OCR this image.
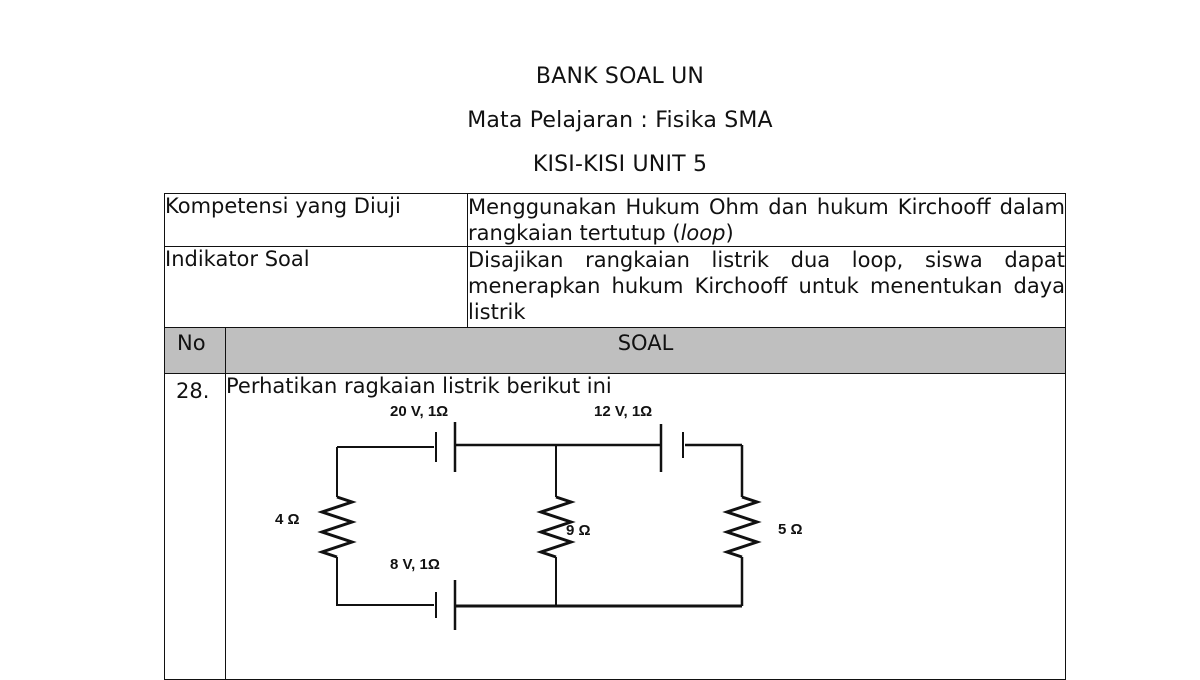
BANK SOAL UN
Mata Pelajaran : Fisika SMA
KISI-KISI UNIT 5
Kompetensi yang Diuji		Menggunakan Hukum Ohm dan hukum Kirchooff dalam rangkaian tertutup (loop)
Indikator Soal		Disajikan rangkaian listrik dua loop, siswa dapat menerapkan hukum Kirchooff untuk menentukan daya listrik
No	SOAL	
28.	Perhatikan ragkaian listrik berikut ini	
20 V, 1Ω	12 V, 1Ω
8 V, 1Ω
4 Ω
9 Ω	5 Ω
